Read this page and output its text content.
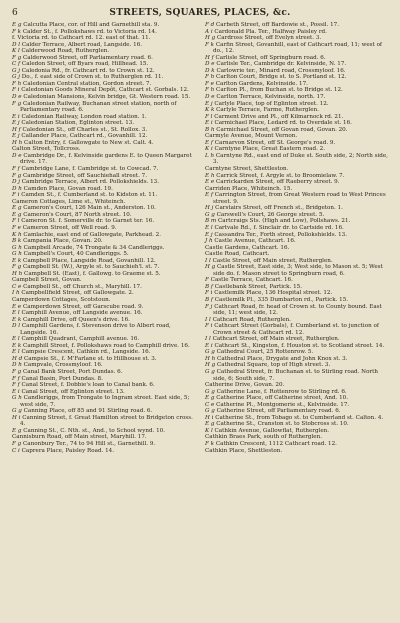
6	STREETS, SQUARES, PLACES, &c.
E g Calcutta Place, cor. of Hill and Garnethill sta. 9.
F k Calder St., f. Pollokshaws rd. to Victoria rd. 14.
f. Victoria rd. to Cathcart rd. 12. east of that. 11.
D l Calder Terrace, Albert road, Langside. 16.
K l Calderwood Road, Rutherglen.
F g Calderwood Street, off Parliamentary road. 6.
C f Caledon Street, off Byars road, Hillhead. 15.
G j Caledonia Rd., fr. Cathcart rd. to Crown st. 12.
G j Do., f. east side of Crown st. to Rutherglen rd. 11.
F h Caledonian Central station, Gordon street. 7.
F i Caledonian Goods Mineral Depôt, Cathcart st. Gorbals. 12.
D e Caledonian Mansions, Kelvin bridge, Gt. Western road. 15.
F g Caledonian Railway, Buchanan street station, north of Parliamentary road. 6.
E i Caledonian Railway, London road station. 1.
E j Caledonian Station, Eglinton street. 13.
H f Caledonian St., off Charles st., St. Rollox. 3.
E j Callander Place, Cathcart rd., Govanhill. 12.
H h Calton Entry, f. Gallowgate to New st. Calt. 4.
Calton Street, Tollcross.
D e Cambridge Dr., f. Kelvinside gardens E. to Queen Margaret drive. 17.
F f Cambridge Lane, f. Cambridge st. to Cowcad. 7.
F g Cambridge Street, off Sauchiehall street. 7.
D j Cambridge Terrace, Albert rd. Pollokshields. 13.
D h Camden Place, Govan road. 19.
F i Camden St., f. Cumberland st. to Kidston st. 11.
Cameron Cottages, Lime st., Whiteinch.
E g Cameron's Court, 126 Main st., Anderston. 10.
E g Cameron's Court, 87 North street. 10.
F l Cameron St. f. Somerville dr. to Garnet ter. 16.
F e Cameron Street, off Well road. 9.
K h Camlachie, east end of Gallowgate, Parkhead. 2.
B k Campania Place, Govan. 20.
G h Campbell Arcade, 74 Trongate & 34 Candleriggs.
G h Campbell's Court, 40 Candleriggs. 5.
E k Campbell Place, Langside Road, Govanhill. 12.
F g Campbell St. (W.), Argyle st. to Sauchieh'l. st. 7.
H h Campbell St. (East), f. Gallowg. to Graeme st. 5.
Campbell Street, Govan.
C e Campbell St., off Church st., Maryhill. 17.
I h Campbellfield Street, off Gallowgate. 2.
Camperdown Cottages, Scotstoun.
E e Camperdown Street, off Garscube road. 9.
E l Camphill Avenue, off Langside avenue. 16.
E k Camphill Drive, off Queen's drive. 16.
D l Camphill Gardens, f. Stevenson drive to Albert road, Langside. 16.
E l Camphill Quadrant, Camphill avenue. 16.
E k Camphill Street, f. Pollokshaws road to Camphill drive. 16.
E l Campsie Crescent, Cathkin rd., Langside. 16.
H d Campsie St., f. M'Farlane st. to Hillhouse st. 3.
D h Campvale, Crossmyloof. 16.
F g Canal Bank Street, Port Dundas. 6.
F f Canal Basin, Port Dundas. 8.
F f Canal Street, f. Dobbie's loan to Canal bank. 6.
E i Canal Street, off Eglinton street. 13.
G h Candleriggs, from Trongate to Ingram street. East side, 5; west side, 7.
G g Canning Place, off 85 and 91 Stirling road. 6.
H i Canning Street, f. Great Hamilton street to Bridgeton cross. 4.
E g Canning St., C. Nth. st., And., to School wynd. 10.
Cannisburn Road, off Main street, Maryhill. 17.
F g Canonbury Ter., 74 to 94 Hill st., Garnethill. 9.
C i Caprera Place, Paisley Road. 14.
F d Carbeth Street, off Bardowie st., Possil. 17.
A i Cardonald Pla. Ter., Halfway Paisley rd.
H g Cardross Street, off Evelyn street. 3.
F k Carfin Street, Govanhill, east of Cathcart road, 11; west of do., 12.
H f Carlisle Street, off Springburn road. 6.
D e Carlisle Ter., Cambridge dr. Kelvinside, N. 17.
D k Carlowrie ter., Minard road, Crossmyloof. 16.
F h Carlton Court, Bridge st. to S. Portland st. 12.
F e Carlton Gardens, Kelvinside. 17.
F h Carlton Pl., from Buchan st. to Bridge st. 12.
D e Carlton Terrace, Kelvinside, north. 17.
E j Carlyle Place, top of Eglinton street. 12.
K k Carlyle Terrace, Farme, Rutherglen.
F l Carment Drive and Pl., off Kilmarnock rd. 21.
E i Carmichael Place, Ledard rd. to Overdale st. 16.
B h Carmichael Street, off Govan road, Govan. 20.
Carmyle Avenue, Mount Vernon.
E f Carnarvon Street, off St. George's road. 9.
K i Carntyne Place, Great Eastern road. 2.
L h Carntyne Rd., east end of Duke st. South side, 2; North side, 3.
Carntyne Street, Shettleston.
E h Carrick Street, f. Argyle st. to Broomielaw. 7.
E e Carrickarden Street, off Raeberry street. 9.
Carriden Place, Whiteinch. 15.
E f Carrington Street, from Great Western road to West Princes street. 9.
H j Carstairs Street, off French st., Bridgeton. 1.
G g Carswell's Court, 26 George street. 5.
B m Cartcraigs Sts. (High and Low), Pollshaws. 21.
E l Cartvale Rd., f. Sinclair dr. to Cartside rd. 16.
E j Cassandra Ter., Forth street, Pollokshields. 13.
J h Castle Avenue, Cathcart. 16.
Castle Gardens, Cathcart. 16.
Castle Road, Cathcart.
I l Castle Street, off Main street, Rutherglen.
H g Castle Street, East side, 3; West side, to Mason st. 5; West side do. f. Mason street to Springburn road, 6.
F Castle Terrace, Cathcart. 16.
B f Castlebank Street, Partick. 15.
F i Castlemilk Place, 136 Hospital street. 12.
B f Castlemilk Pl., 335 Dumbarton rd., Partick. 15.
F j Cathcart Road, fr. head of Crown st. to County bound. East side, 11; west side, 12.
I l Cathcart Road, Rutherglen.
F i Cathcart Street (Gorbals), f. Cumberland st. to junction of Crown street & Cathcart rd. 12.
I l Cathcart Street, off Main street, Rutherglen.
E i Cathcart St., Kingston, f. Houston st. to Scotland street. 14.
G g Cathedral Court, 25 Rottenrow. 5.
H h Cathedral Place, Drygate and John Knox st. 3.
H g Cathedral Square, top of High street. 3.
G g Cathedral Street, fr. Buchanan st. to Stirling road. North side, 6; South side, 7.
Catherine Drive, Govan. 20.
G g Catherine Lane, f. Rottenrow to Stirling rd. 6.
E g Catherine Place, off Catherine street, And. 10.
C e Catherine Pl., Montgomerie st., Kelvinside. 17.
G g Catherine Street, off Parliamentary road. 6.
H i Catherine St., from Tobago st. to Cumberland st. Calton. 4.
E g Catherine St., Cranston st. to Stobcross st. 10.
K l Cathkin Avenue, Gallowflat, Rutherglen.
Cathkin Braes Park, south of Rutherglen.
F k Cathkin Crescent, 1112 Cathcart road. 12.
Cathkin Place, Shettleston.
